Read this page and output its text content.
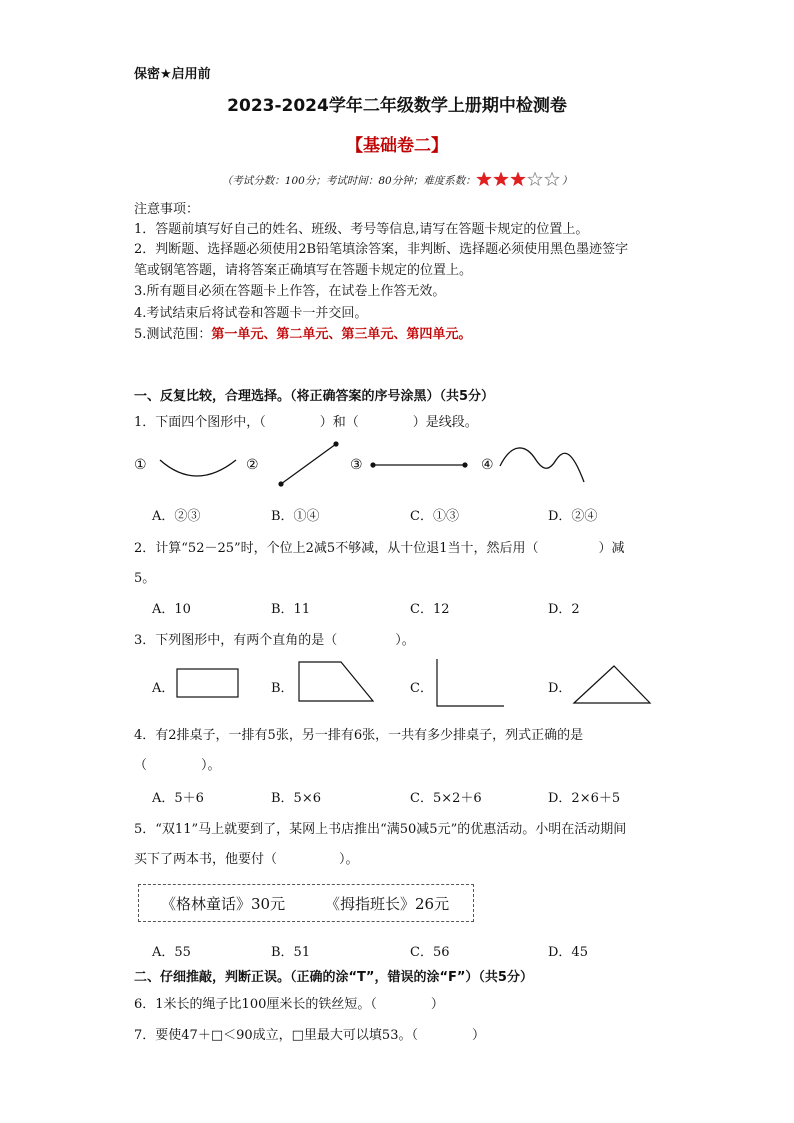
保密★启用前
2023-2024学年二年级数学上册期中检测卷
【基础卷二】
（考试分数：100分；考试时间：80分钟；难度系数：	）
注意事项：
1．答题前填写好自己的姓名、班级、考号等信息,请写在答题卡规定的位置上。
2．判断题、选择题必须使用2B铅笔填涂答案，非判断、选择题必须使用黑色墨迹签字
笔或钢笔答题，请将答案正确填写在答题卡规定的位置上。
3.所有题目必须在答题卡上作答，在试卷上作答无效。
4.考试结束后将试卷和答题卡一并交回。
5.测试范围：第一单元、第二单元、第三单元、第四单元。
一、反复比较，合理选择。（将正确答案的序号涂黑）（共5分）
1．下面四个图形中，（	）和（	）是线段。
①	②	③	④
A．②③	B．①④	C．①③	D．②④
2．计算“52－25”时，个位上2减5不够减，从十位退1当十，然后用（	）减
5。
A．10	B．11	C．12	D．2
3．下列图形中，有两个直角的是（	）。
A．	B．	C．	D．
4．有2排桌子，一排有5张，另一排有6张，一共有多少排桌子，列式正确的是
（	）。
A．5＋6	B．5×6	C．5×2＋6	D．2×6＋5
5．“双11”马上就要到了，某网上书店推出“满50减5元”的优惠活动。小明在活动期间
买下了两本书，他要付（	）。
《格林童话》30元	《拇指班长》26元
A．55	B．51	C．56	D．45
二、仔细推敲，判断正误。（正确的涂“T”，错误的涂“F”）（共5分）
6．1米长的绳子比100厘米长的铁丝短。（	）
7．要使47＋□＜90成立，□里最大可以填53。（	）
